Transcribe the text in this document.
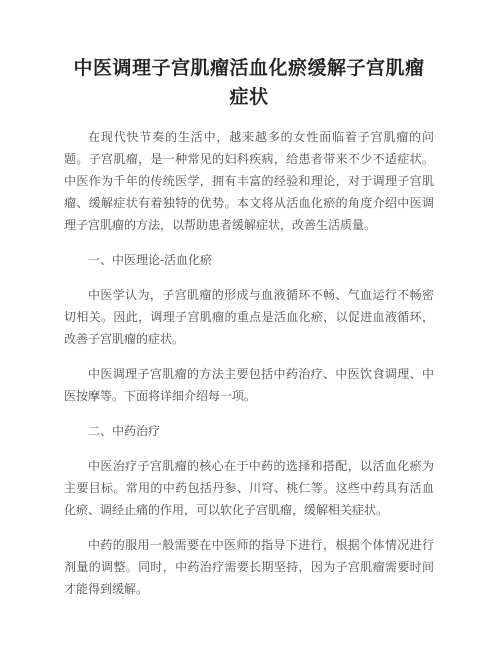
中医调理子宫肌瘤活血化瘀缓解子宫肌瘤症状

在现代快节奏的生活中，越来越多的女性面临着子宫肌瘤的问题。子宫肌瘤，是一种常见的妇科疾病，给患者带来不少不适症状。中医作为千年的传统医学，拥有丰富的经验和理论，对于调理子宫肌瘤、缓解症状有着独特的优势。本文将从活血化瘀的角度介绍中医调理子宫肌瘤的方法，以帮助患者缓解症状，改善生活质量。

一、中医理论-活血化瘀

中医学认为，子宫肌瘤的形成与血液循环不畅、气血运行不畅密切相关。因此，调理子宫肌瘤的重点是活血化瘀，以促进血液循环，改善子宫肌瘤的症状。

中医调理子宫肌瘤的方法主要包括中药治疗、中医饮食调理、中医按摩等。下面将详细介绍每一项。

二、中药治疗

中医治疗子宫肌瘤的核心在于中药的选择和搭配，以活血化瘀为主要目标。常用的中药包括丹参、川穹、桃仁等。这些中药具有活血化瘀、调经止痛的作用，可以软化子宫肌瘤，缓解相关症状。

中药的服用一般需要在中医师的指导下进行，根据个体情况进行剂量的调整。同时，中药治疗需要长期坚持，因为子宫肌瘤需要时间才能得到缓解。
